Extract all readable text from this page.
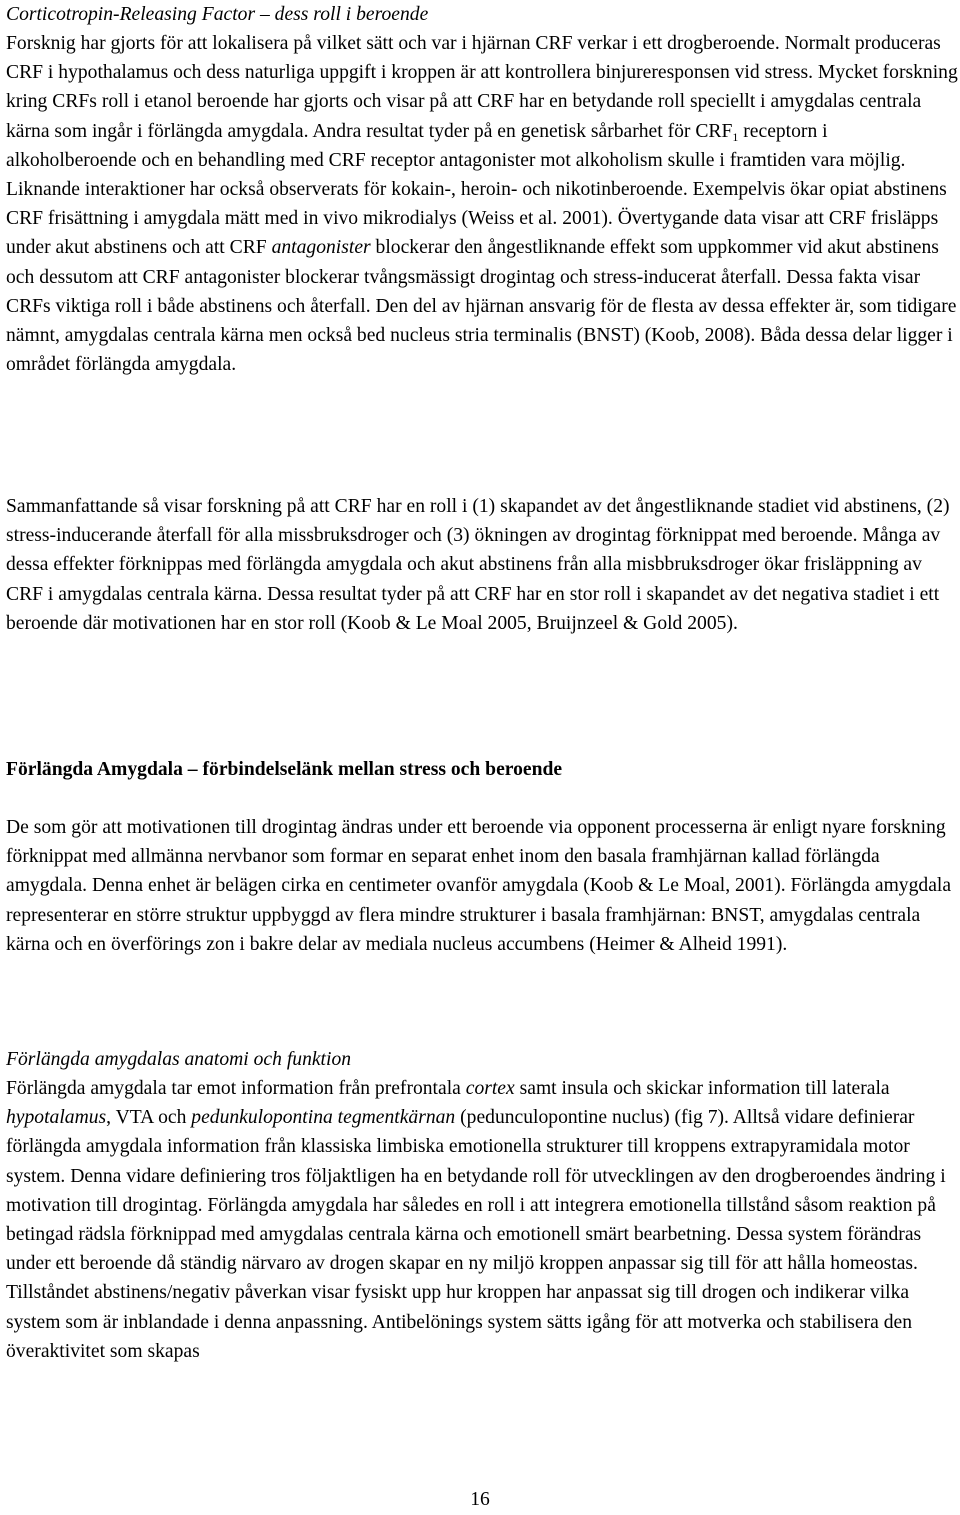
Corticotropin-Releasing Factor – dess roll i beroende

Forsknig har gjorts för att lokalisera på vilket sätt och var i hjärnan CRF verkar i ett drogberoende. Normalt produceras CRF i hypothalamus och dess naturliga uppgift i kroppen är att kontrollera binjureresponsen vid stress. Mycket forskning kring CRFs roll i etanol beroende har gjorts och visar på att CRF har en betydande roll speciellt i amygdalas centrala kärna som ingår i förlängda amygdala. Andra resultat tyder på en genetisk sårbarhet för $CRF_1$ receptorn i alkoholberoende och en behandling med CRF receptor antagonister mot alkoholism skulle i framtiden vara möjlig. Liknande interaktioner har också observerats för kokain-, heroin- och nikotinberoende. Exempelvis ökar opiat abstinens CRF frisättning i amygdala mätt med in vivo mikrodialys (Weiss et al. 2001). Övertygande data visar att CRF frisläpps under akut abstinens och att CRF antagonister blockerar den ångestliknande effekt som uppkommer vid akut abstinens och dessutom att CRF antagonister blockerar tvångsmässigt drogintag och stress-inducerat återfall. Dessa fakta visar CRFs viktiga roll i både abstinens och återfall. Den del av hjärnan ansvarig för de flesta av dessa effekter är, som tidigare nämnt, amygdalas centrala kärna men också bed nucleus stria terminalis (BNST) (Koob, 2008). Båda dessa delar ligger i området förlängda amygdala.

Sammanfattande så visar forskning på att CRF har en roll i (1) skapandet av det ångestliknande stadiet vid abstinens, (2) stress-inducerande återfall för alla missbruksdroger och (3) ökningen av drogintag förknippat med beroende. Många av dessa effekter förknippas med förlängda amygdala och akut abstinens från alla misbbruksdroger ökar frisläppning av CRF i amygdalas centrala kärna. Dessa resultat tyder på att CRF har en stor roll i skapandet av det negativa stadiet i ett beroende där motivationen har en stor roll (Koob & Le Moal 2005, Bruijnzeel & Gold 2005).

Förlängda Amygdala – förbindelselänk mellan stress och beroende

De som gör att motivationen till drogintag ändras under ett beroende via opponent processerna är enligt nyare forskning förknippat med allmänna nervbanor som formar en separat enhet inom den basala framhjärnan kallad förlängda amygdala. Denna enhet är belägen cirka en centimeter ovanför amygdala (Koob & Le Moal, 2001). Förlängda amygdala representerar en större struktur uppbyggd av flera mindre strukturer i basala framhjärnan: BNST, amygdalas centrala kärna och en överförings zon i bakre delar av mediala nucleus accumbens (Heimer & Alheid 1991).

Förlängda amygdalas anatomi och funktion

Förlängda amygdala tar emot information från prefrontala cortex samt insula och skickar information till laterala hypotalamus, VTA och pedunkulopontina tegmentkärnan (pedunculopontine nuclus) (fig 7). Alltså vidare definierar förlängda amygdala information från klassiska limbiska emotionella strukturer till kroppens extrapyramidala motor system. Denna vidare definiering tros följaktligen ha en betydande roll för utvecklingen av den drogberoendes ändring i motivation till drogintag. Förlängda amygdala har således en roll i att integrera emotionella tillstånd såsom reaktion på betingad rädsla förknippad med amygdalas centrala kärna och emotionell smärt bearbetning. Dessa system förändras under ett beroende då ständig närvaro av drogen skapar en ny miljö kroppen anpassar sig till för att hålla homeostas. Tillståndet abstinens/negativ påverkan visar fysiskt upp hur kroppen har anpassat sig till drogen och indikerar vilka system som är inblandade i denna anpassning. Antibelönings system sätts igång för att motverka och stabilisera den överaktivitet som skapas

16
